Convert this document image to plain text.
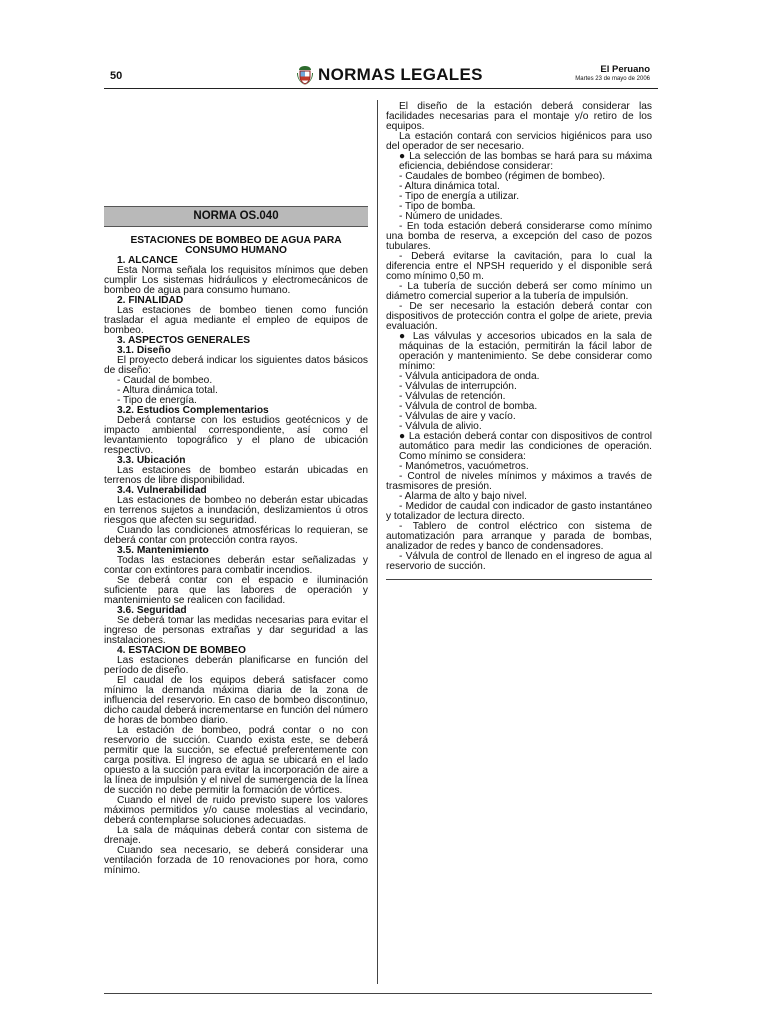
50	NORMAS LEGALES	El Peruano
Martes 23 de mayo de 2006
NORMA OS.040

ESTACIONES DE BOMBEO DE AGUA PARA CONSUMO HUMANO

1. ALCANCE

Esta Norma señala los requisitos mínimos que deben cumplir Los sistemas hidráulicos y electromecánicos de bombeo de agua para consumo humano.

2. FINALIDAD

Las estaciones de bombeo tienen como función trasladar el agua mediante el empleo de equipos de bombeo.

3. ASPECTOS GENERALES

3.1. Diseño

El proyecto deberá indicar los siguientes datos básicos de diseño:

- Caudal de bombeo.

- Altura dinámica total.

- Tipo de energía.

3.2. Estudios Complementarios

Deberá contarse con los estudios geotécnicos y de impacto ambiental correspondiente, así como el levantamiento topográfico y el plano de ubicación respectivo.

3.3. Ubicación

Las estaciones de bombeo estarán ubicadas en terrenos de libre disponibilidad.

3.4. Vulnerabilidad

Las estaciones de bombeo no deberán estar ubicadas en terrenos sujetos a inundación, deslizamientos ú otros riesgos que afecten su seguridad.

Cuando las condiciones atmosféricas lo requieran, se deberá contar con protección contra rayos.

3.5. Mantenimiento

Todas las estaciones deberán estar señalizadas y contar con extintores para combatir incendios.

Se deberá contar con el espacio e iluminación suficiente para que las labores de operación y mantenimiento se realicen con facilidad.

3.6. Seguridad

Se deberá tomar las medidas necesarias para evitar el ingreso de personas extrañas y dar seguridad a las instalaciones.

4. ESTACION DE BOMBEO

Las estaciones deberán planificarse en función del período de diseño.

El caudal de los equipos deberá satisfacer como mínimo la demanda máxima diaria de la zona de influencia del reservorio. En caso de bombeo discontinuo, dicho caudal deberá incrementarse en función del número de horas de bombeo diario.

La estación de bombeo, podrá contar o no con reservorio de succión. Cuando exista este, se deberá permitir que la succión, se efectué preferentemente con carga positiva. El ingreso de agua se ubicará en el lado opuesto a la succión para evitar la incorporación de aire a la línea de impulsión y el nivel de sumergencia de la línea de succión no debe permitir la formación de vórtices.

Cuando el nivel de ruido previsto supere los valores máximos permitidos y/o cause molestias al vecindario, deberá contemplarse soluciones adecuadas.

La sala de máquinas deberá contar con sistema de drenaje.

Cuando sea necesario, se deberá considerar una ventilación forzada de 10 renovaciones por hora, como mínimo.

El diseño de la estación deberá considerar las facilidades necesarias para el montaje y/o retiro de los equipos.

La estación contará con servicios higiénicos para uso del operador de ser necesario.

● La selección de las bombas se hará para su máxima eficiencia, debiéndose considerar:

- Caudales de bombeo (régimen de bombeo).

- Altura dinámica total.

- Tipo de energía a utilizar.

- Tipo de bomba.

- Número de unidades.

- En toda estación deberá considerarse como mínimo una bomba de reserva, a excepción del caso de pozos tubulares.

- Deberá evitarse la cavitación, para lo cual la diferencia entre el NPSH requerido y el disponible será como mínimo 0,50 m.

- La tubería de succión deberá ser como mínimo un diámetro comercial superior a la tubería de impulsión.

- De ser necesario la estación deberá contar con dispositivos de protección contra el golpe de ariete, previa evaluación.

● Las válvulas y accesorios ubicados en la sala de máquinas de la estación, permitirán la fácil labor de operación y mantenimiento. Se debe considerar como mínimo:

- Válvula anticipadora de onda.

- Válvulas de interrupción.

- Válvulas de retención.

- Válvula de control de bomba.

- Válvulas de aire y vacío.

- Válvula de alivio.

● La estación deberá contar con dispositivos de control automático para medir las condiciones de operación. Como mínimo se considera:

- Manómetros, vacuómetros.

- Control de niveles mínimos y máximos a través de trasmisores de presión.

- Alarma de alto y bajo nivel.

- Medidor de caudal con indicador de gasto instantáneo y totalizador de lectura directo.

- Tablero de control eléctrico con sistema de automatización para arranque y parada de bombas, analizador de redes y banco de condensadores.

- Válvula de control de llenado en el ingreso de agua al reservorio de succión.
